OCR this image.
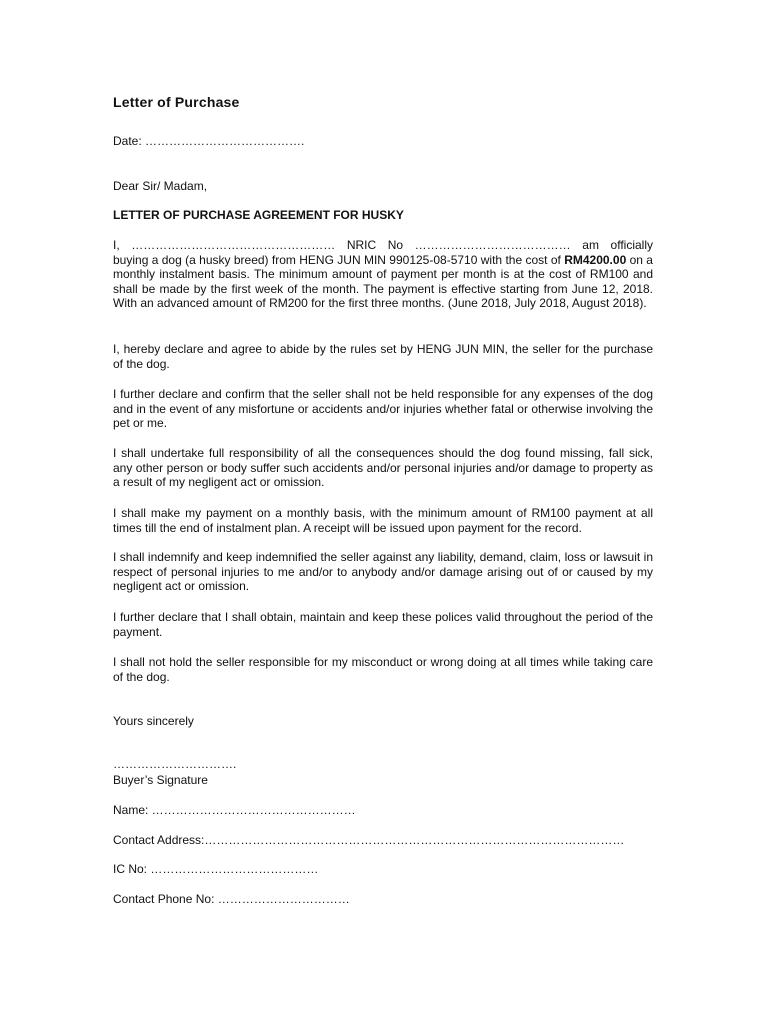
Letter of Purchase
Date: ………………………………….
Dear Sir/ Madam,
LETTER OF PURCHASE AGREEMENT FOR HUSKY
I, …………………………………………… NRIC No ………………………………… am officially
buying a dog (a husky breed) from HENG JUN MIN 990125-08-5710 with the cost of RM4200.00 on a monthly instalment basis. The minimum amount of payment per month is at the cost of RM100 and shall be made by the first week of the month. The payment is effective starting from June 12, 2018. With an advanced amount of RM200 for the first three months. (June 2018, July 2018, August 2018).
I, hereby declare and agree to abide by the rules set by HENG JUN MIN, the seller for the purchase of the dog.
I further declare and confirm that the seller shall not be held responsible for any expenses of the dog and in the event of any misfortune or accidents and/or injuries whether fatal or otherwise involving the pet or me.
I shall undertake full responsibility of all the consequences should the dog found missing, fall sick, any other person or body suffer such accidents and/or personal injuries and/or damage to property as a result of my negligent act or omission.
I shall make my payment on a monthly basis, with the minimum amount of RM100 payment at all times till the end of instalment plan. A receipt will be issued upon payment for the record.
I shall indemnify and keep indemnified the seller against any liability, demand, claim, loss or lawsuit in respect of personal injuries to me and/or to anybody and/or damage arising out of or caused by my negligent act or omission.
I further declare that I shall obtain, maintain and keep these polices valid throughout the period of the payment.
I shall not hold the seller responsible for my misconduct or wrong doing at all times while taking care of the dog.
Yours sincerely
………………………….
Buyer’s Signature
Name: ……………………………………………
Contact Address:……………………………………………………………………………………………
IC No: ……………………………………
Contact Phone No: ……………………………
